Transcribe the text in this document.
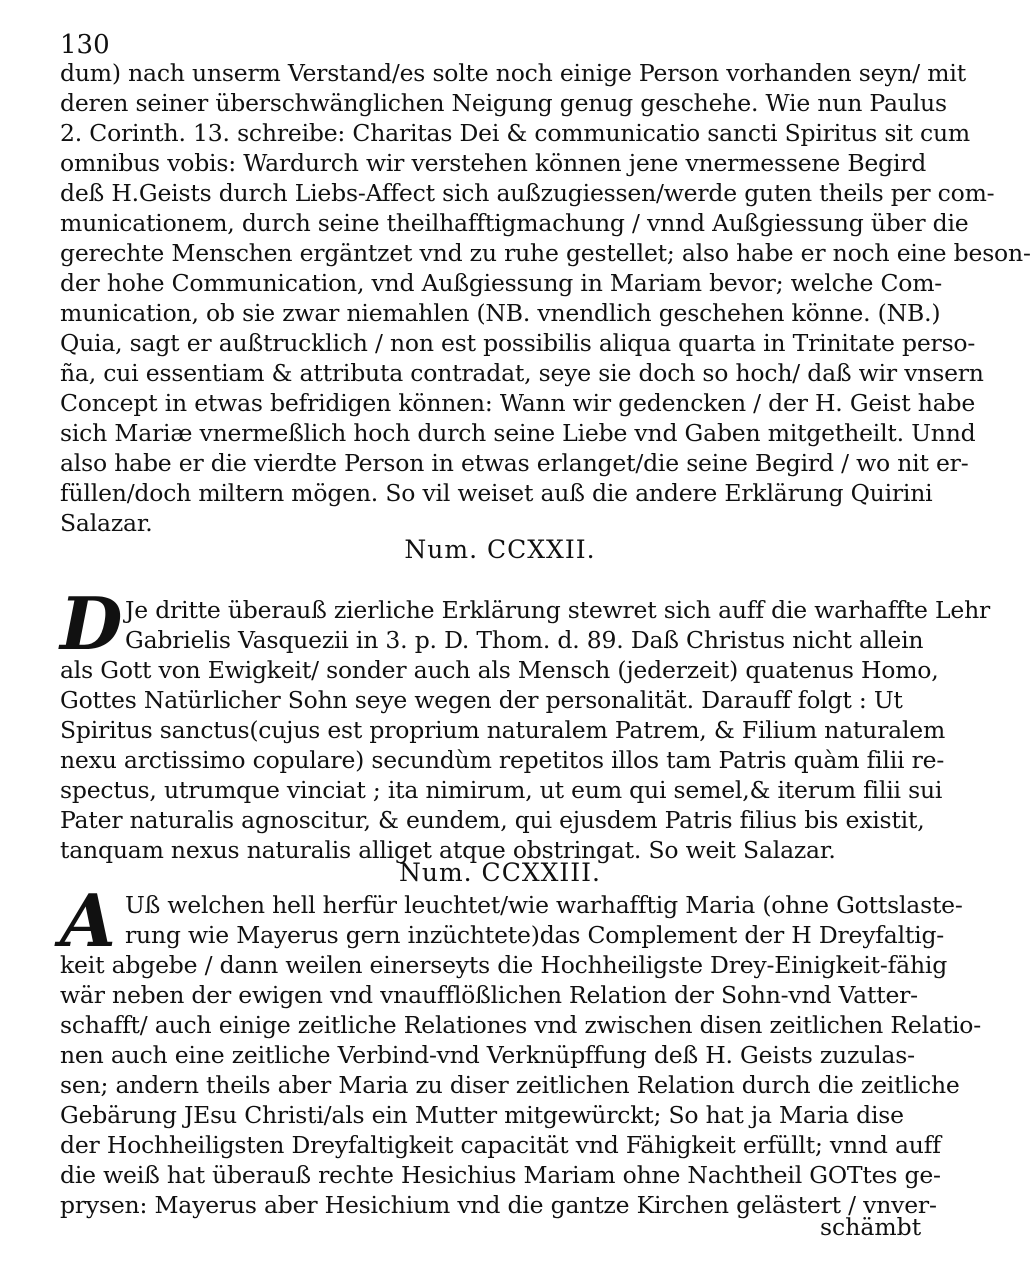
130
dum) nach unserm Verstand/es solte noch einige Person vorhanden seyn/ mit
deren seiner überschwänglichen Neigung genug geschehe. Wie nun Paulus
2. Corinth. 13. schreibe: Charitas Dei & communicatio sancti Spiritus sit cum
omnibus vobis: Wardurch wir verstehen können jene vnermessene Begird
deß H.Geists durch Liebs-Affect sich außzugiessen/werde guten theils per com-
municationem, durch seine theilhafftigmachung / vnnd Außgiessung über die
gerechte Menschen ergäntzet vnd zu ruhe gestellet; also habe er noch eine beson-
der hohe Communication, vnd Außgiessung in Mariam bevor; welche Com-
munication, ob sie zwar niemahlen (NB. vnendlich geschehen könne. (NB.)
Quia, sagt er außtrucklich / non est possibilis aliqua quarta in Trinitate perso-
ña, cui essentiam & attributa contradat, seye sie doch so hoch/ daß wir vnsern
Concept in etwas befridigen können: Wann wir gedencken / der H. Geist habe
sich Mariæ vnermeßlich hoch durch seine Liebe vnd Gaben mitgetheilt. Unnd
also habe er die vierdte Person in etwas erlanget/die seine Begird / wo nit er-
füllen/doch miltern mögen. So vil weiset auß die andere Erklärung Quirini
Salazar.
Num. CCXXII.
D Je dritte überauß zierliche Erklärung stewret sich auff die warhaffte Lehr
Gabrielis Vasquezii in 3. p. D. Thom. d. 89. Daß Christus nicht allein
als Gott von Ewigkeit/ sonder auch als Mensch (jederzeit) quatenus Homo,
Gottes Natürlicher Sohn seye wegen der personalität. Darauff folgt : Ut
Spiritus sanctus(cujus est proprium naturalem Patrem, & Filium naturalem
nexu arctissimo copulare) secundùm repetitos illos tam Patris quàm filii re-
spectus, utrumque vinciat ; ita nimirum, ut eum qui semel,& iterum filii sui
Pater naturalis agnoscitur, & eundem, qui ejusdem Patris filius bis existit,
tanquam nexus naturalis alliget atque obstringat. So weit Salazar.
Num. CCXXIII.
A Uß welchen hell herfür leuchtet/wie warhafftig Maria (ohne Gottslaste-
rung wie Mayerus gern inzüchtete)das Complement der H Dreyfaltig-
keit abgebe / dann weilen einerseyts die Hochheiligste Drey-Einigkeit-fähig
wär neben der ewigen vnd vnaufflößlichen Relation der Sohn-vnd Vatter-
schafft/ auch einige zeitliche Relationes vnd zwischen disen zeitlichen Relatio-
nen auch eine zeitliche Verbind-vnd Verknüpffung deß H. Geists zuzulas-
sen; andern theils aber Maria zu diser zeitlichen Relation durch die zeitliche
Gebärung JEsu Christi/als ein Mutter mitgewürckt; So hat ja Maria dise
der Hochheiligsten Dreyfaltigkeit capacität vnd Fähigkeit erfüllt; vnnd auff
die weiß hat überauß rechte Hesichius Mariam ohne Nachtheil GOTtes ge-
prysen: Mayerus aber Hesichium vnd die gantze Kirchen gelästert / vnver-
schämbt
